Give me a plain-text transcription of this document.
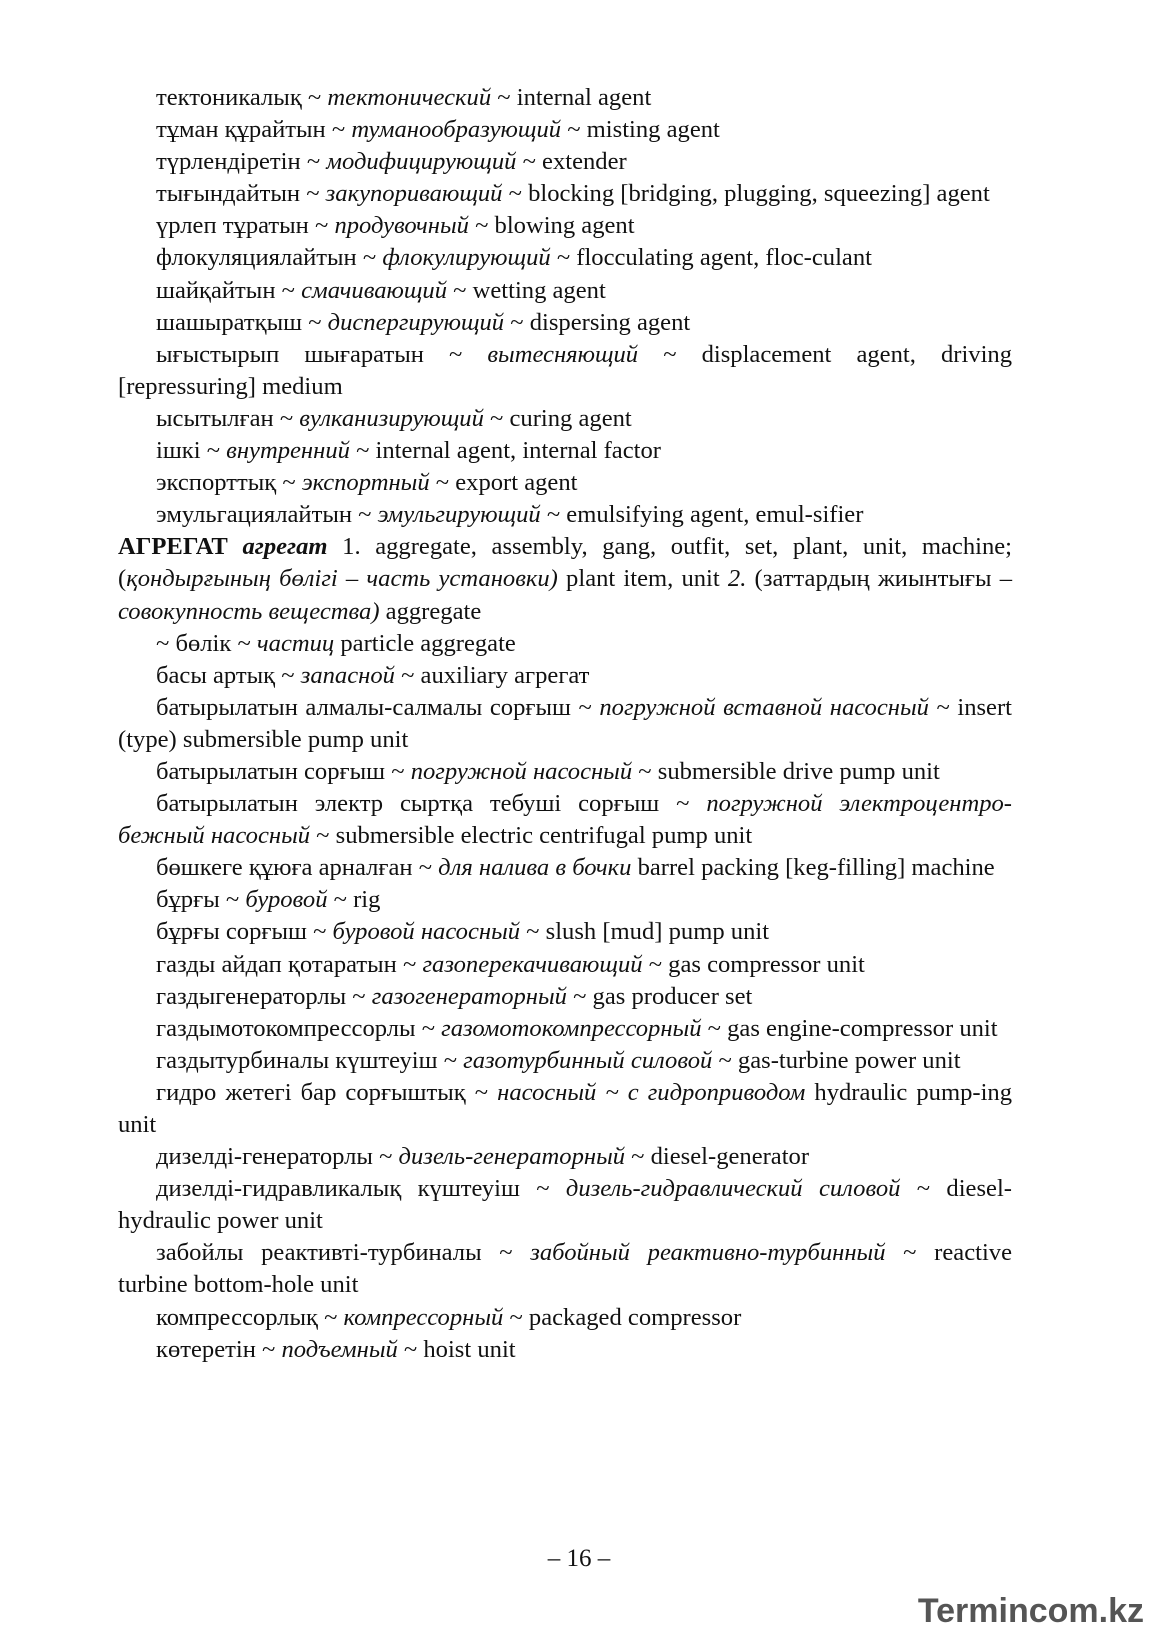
тектоникалық ~ тектонический ~ internal agent

тұман құрайтын ~ туманообразующий ~ misting agent

түрлендіретін ~ модифицирующий ~ extender

тығындайтын ~ закупоривающий ~ blocking [bridging, plugging, squeezing] agent

үрлеп тұратын ~ продувочный ~ blowing agent

флокуляциялайтын ~ флокулирующий ~ flocculating agent, floc-culant

шайқайтын ~ смачивающий ~ wetting agent

шашыратқыш ~ диспергирующий ~ dispersing agent

ығыстырып шығаратын ~ вытесняющий ~ displacement agent, driving [repressuring] medium

ысытылған ~ вулканизирующий ~ curing agent

ішкі ~ внутренний ~ internal agent, internal factor

экспорттық ~ экспортный ~ export agent

эмульгациялайтын ~ эмульгирующий ~ emulsifying agent, emul-sifier

АГРЕГАТ агрегат 1. aggregate, assembly, gang, outfit, set, plant, unit, machine; (қондырғының бөлігі – часть установки) plant item, unit 2. (заттардың жиынтығы – совокупность вещества) aggregate

~ бөлік ~ частиц particle aggregate

басы артық ~ запасной ~ auxiliary агрегат

батырылатын алмалы-салмалы сорғыш ~ погружной вставной насосный ~ insert (type) submersible pump unit

батырылатын сорғыш ~ погружной насосный ~ submersible drive pump unit

батырылатын электр сыртқа тебуші сорғыш ~ погружной электроцентро-бежный насосный ~ submersible electric centrifugal pump unit

бөшкеге құюға арналған ~ для налива в бочки barrel packing [keg-filling] machine

бұрғы ~ буровой ~ rig

бұрғы сорғыш ~ буровой насосный ~ slush [mud] pump unit

газды айдап қотаратын ~ газоперекачивающий ~ gas compressor unit

газдыгенераторлы ~ газогенераторный ~ gas producer set

газдымотокомпрессорлы ~ газомотокомпрессорный ~ gas engine-compressor unit

газдытурбиналы күштеуіш ~ газотурбинный силовой ~ gas-turbine power unit

гидро жетегі бар сорғыштық ~ насосный ~ с гидроприводом hydraulic pump-ing unit

дизелді-генераторлы ~ дизель-генераторный ~ diesel-generator

дизелді-гидравликалық күштеуіш ~ дизель-гидравлический силовой ~ diesel-hydraulic power unit

забойлы реактивті-турбиналы ~ забойный реактивно-турбинный ~ reactive turbine bottom-hole unit

компрессорлық ~ компрессорный ~ packaged compressor

көтеретін ~ подъемный ~ hoist unit

– 16 –
Termincom.kz
